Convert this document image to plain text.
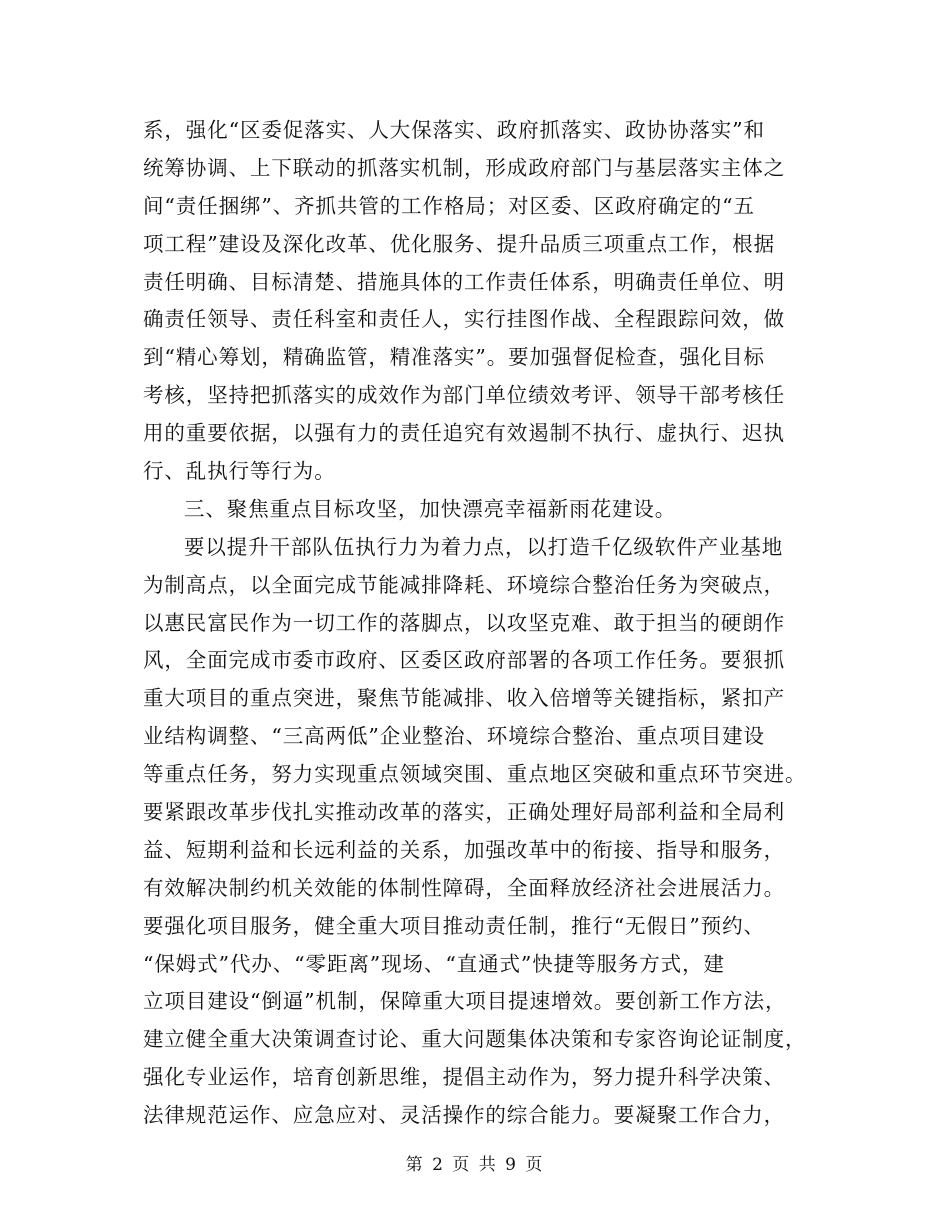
系，强化“区委促落实、人大保落实、政府抓落实、政协协落实”和
统筹协调、上下联动的抓落实机制，形成政府部门与基层落实主体之
间“责任捆绑”、齐抓共管的工作格局；对区委、区政府确定的“五
项工程”建设及深化改革、优化服务、提升品质三项重点工作，根据
责任明确、目标清楚、措施具体的工作责任体系，明确责任单位、明
确责任领导、责任科室和责任人，实行挂图作战、全程跟踪问效，做
到“精心筹划，精确监管，精准落实”。要加强督促检查，强化目标
考核，坚持把抓落实的成效作为部门单位绩效考评、领导干部考核任
用的重要依据，以强有力的责任追究有效遏制不执行、虚执行、迟执
行、乱执行等行为。
三、聚焦重点目标攻坚，加快漂亮幸福新雨花建设。
要以提升干部队伍执行力为着力点，以打造千亿级软件产业基地
为制高点，以全面完成节能减排降耗、环境综合整治任务为突破点，
以惠民富民作为一切工作的落脚点，以攻坚克难、敢于担当的硬朗作
风，全面完成市委市政府、区委区政府部署的各项工作任务。要狠抓
重大项目的重点突进，聚焦节能减排、收入倍增等关键指标，紧扣产
业结构调整、“三高两低”企业整治、环境综合整治、重点项目建设
等重点任务，努力实现重点领域突围、重点地区突破和重点环节突进。
要紧跟改革步伐扎实推动改革的落实，正确处理好局部利益和全局利
益、短期利益和长远利益的关系，加强改革中的衔接、指导和服务，
有效解决制约机关效能的体制性障碍，全面释放经济社会进展活力。
要强化项目服务，健全重大项目推动责任制，推行“无假日”预约、
“保姆式”代办、“零距离”现场、“直通式”快捷等服务方式，建
立项目建设“倒逼”机制，保障重大项目提速增效。要创新工作方法，
建立健全重大决策调查讨论、重大问题集体决策和专家咨询论证制度，
强化专业运作，培育创新思维，提倡主动作为，努力提升科学决策、
法律规范运作、应急应对、灵活操作的综合能力。要凝聚工作合力，
第 2 页 共 9 页
